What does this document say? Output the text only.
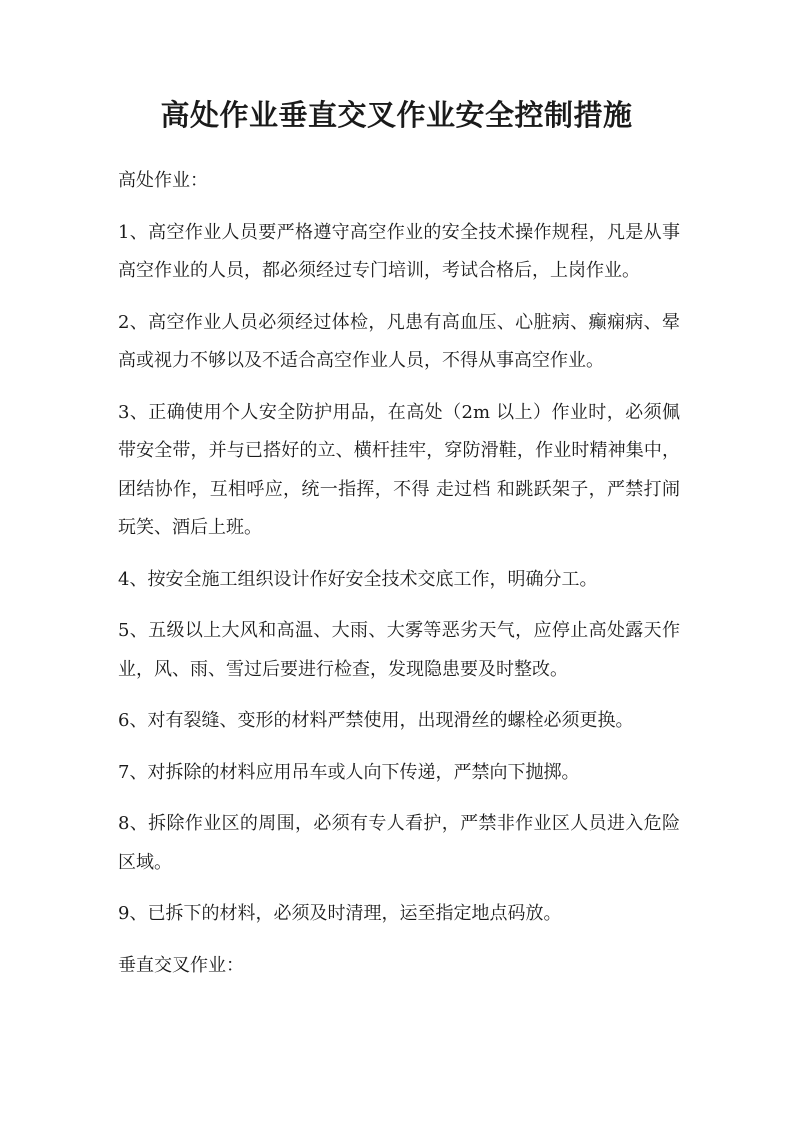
高处作业垂直交叉作业安全控制措施

高处作业：

1、高空作业人员要严格遵守高空作业的安全技术操作规程，凡是从事高空作业的人员，都必须经过专门培训，考试合格后，上岗作业。

2、高空作业人员必须经过体检，凡患有高血压、心脏病、癫痫病、晕高或视力不够以及不适合高空作业人员，不得从事高空作业。

3、正确使用个人安全防护用品，在高处（2m 以上）作业时，必须佩带安全带，并与已搭好的立、横杆挂牢，穿防滑鞋，作业时精神集中，团结协作，互相呼应，统一指挥，不得 走过档 和跳跃架子，严禁打闹玩笑、酒后上班。

4、按安全施工组织设计作好安全技术交底工作，明确分工。

5、五级以上大风和高温、大雨、大雾等恶劣天气，应停止高处露天作业，风、雨、雪过后要进行检查，发现隐患要及时整改。

6、对有裂缝、变形的材料严禁使用，出现滑丝的螺栓必须更换。

7、对拆除的材料应用吊车或人向下传递，严禁向下抛掷。

8、拆除作业区的周围，必须有专人看护，严禁非作业区人员进入危险区域。

9、已拆下的材料，必须及时清理，运至指定地点码放。

垂直交叉作业：
